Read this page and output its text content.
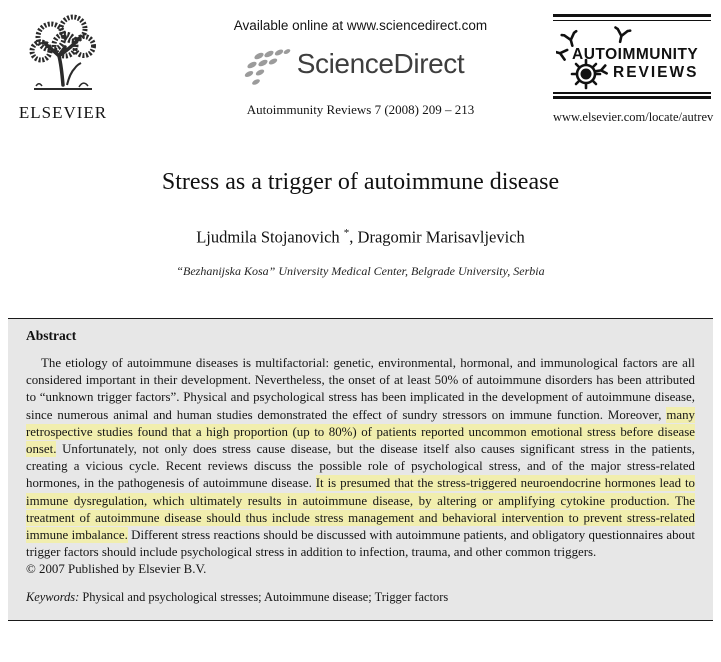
ELSEVIER
Available online at www.sciencedirect.com
ScienceDirect
Autoimmunity Reviews 7 (2008) 209 – 213
AUTOIMMUNITY
REVIEWS
www.elsevier.com/locate/autrev
Stress as a trigger of autoimmune disease
Ljudmila Stojanovich *, Dragomir Marisavljevich
“Bezhanijska Kosa” University Medical Center, Belgrade University, Serbia
Abstract

The etiology of autoimmune diseases is multifactorial: genetic, environmental, hormonal, and immunological factors are all considered important in their development. Nevertheless, the onset of at least 50% of autoimmune disorders has been attributed to “unknown trigger factors”. Physical and psychological stress has been implicated in the development of autoimmune disease, since numerous animal and human studies demonstrated the effect of sundry stressors on immune function. Moreover, many retrospective studies found that a high proportion (up to 80%) of patients reported uncommon emotional stress before disease onset. Unfortunately, not only does stress cause disease, but the disease itself also causes significant stress in the patients, creating a vicious cycle. Recent reviews discuss the possible role of psychological stress, and of the major stress-related hormones, in the pathogenesis of autoimmune disease. It is presumed that the stress-triggered neuroendocrine hormones lead to immune dysregulation, which ultimately results in autoimmune disease, by altering or amplifying cytokine production. The treatment of autoimmune disease should thus include stress management and behavioral intervention to prevent stress-related immune imbalance. Different stress reactions should be discussed with autoimmune patients, and obligatory questionnaires about trigger factors should include psychological stress in addition to infection, trauma, and other common triggers.

© 2007 Published by Elsevier B.V.
Keywords: Physical and psychological stresses; Autoimmune disease; Trigger factors
